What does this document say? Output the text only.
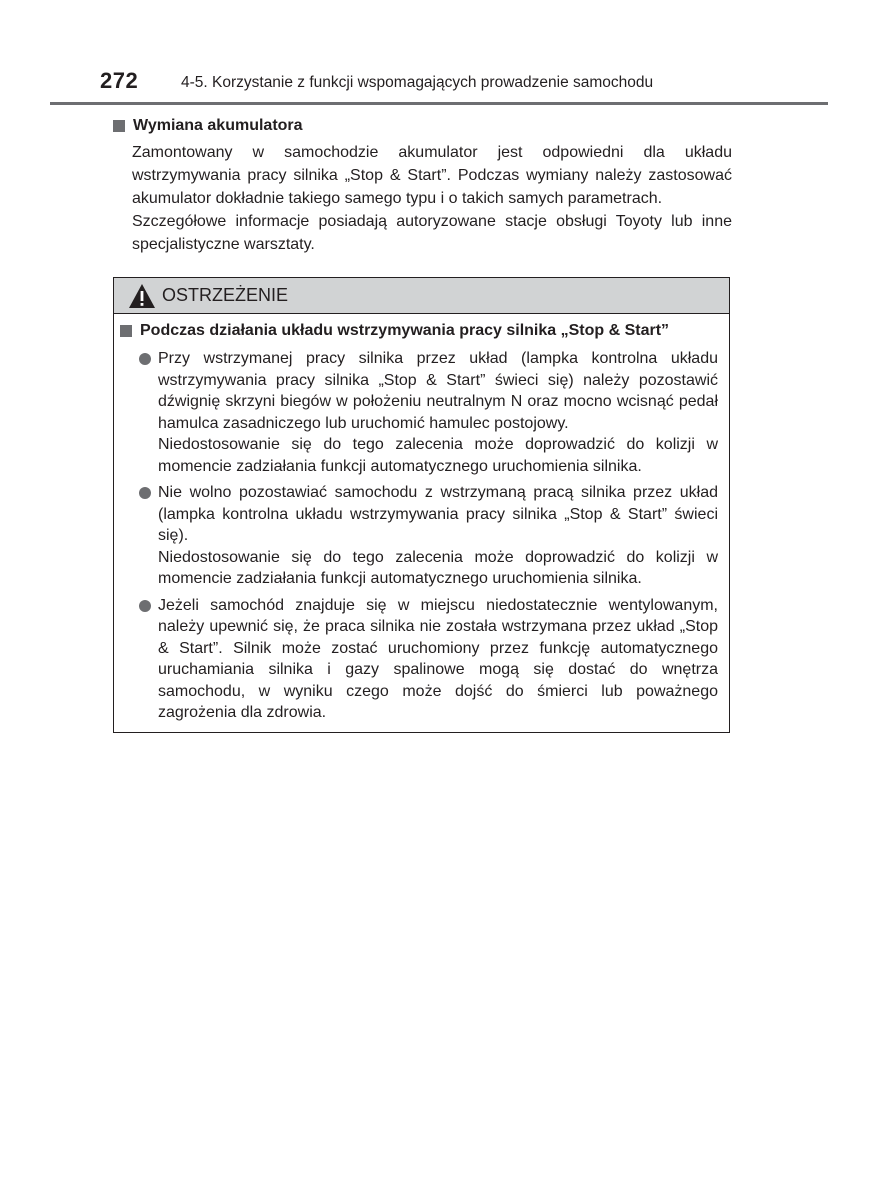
272	4-5. Korzystanie z funkcji wspomagających prowadzenie samochodu
Wymiana akumulatora
Zamontowany w samochodzie akumulator jest odpowiedni dla układu wstrzymywania pracy silnika „Stop & Start”. Podczas wymiany należy zastosować akumulator dokładnie takiego samego typu i o takich samych parametrach.
Szczegółowe informacje posiadają autoryzowane stacje obsługi Toyoty lub inne specjalistyczne warsztaty.
OSTRZEŻENIE
Podczas działania układu wstrzymywania pracy silnika „Stop & Start”

Przy wstrzymanej pracy silnika przez układ (lampka kontrolna układu wstrzymywania pracy silnika „Stop & Start” świeci się) należy pozostawić dźwignię skrzyni biegów w położeniu neutralnym N oraz mocno wcisnąć pedał hamulca zasadniczego lub uruchomić hamulec postojowy.

Niedostosowanie się do tego zalecenia może doprowadzić do kolizji w momencie zadziałania funkcji automatycznego uruchomienia silnika.

Nie wolno pozostawiać samochodu z wstrzymaną pracą silnika przez układ (lampka kontrolna układu wstrzymywania pracy silnika „Stop & Start” świeci się).

Niedostosowanie się do tego zalecenia może doprowadzić do kolizji w momencie zadziałania funkcji automatycznego uruchomienia silnika.

Jeżeli samochód znajduje się w miejscu niedostatecznie wentylowanym, należy upewnić się, że praca silnika nie została wstrzymana przez układ „Stop & Start”. Silnik może zostać uruchomiony przez funkcję automatycznego uruchamiania silnika i gazy spalinowe mogą się dostać do wnętrza samochodu, w wyniku czego może dojść do śmierci lub poważnego zagrożenia dla zdrowia.
